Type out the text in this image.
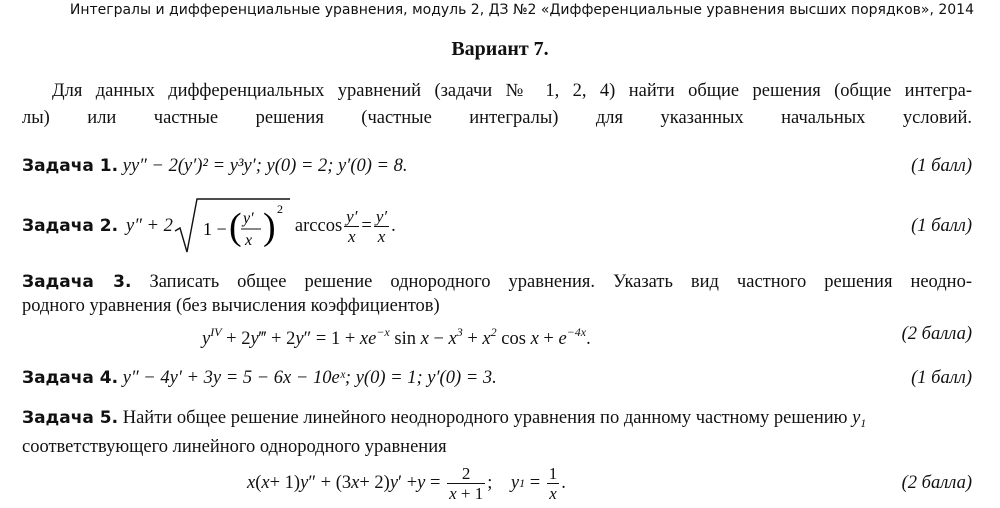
Интегралы и дифференциальные уравнения, модуль 2, ДЗ №2 «Дифференциальные уравнения высших порядков», 2014
Вариант 7.
Для данных дифференциальных уравнений (задачи № 1, 2, 4) найти общие решения (общие интегра-
лы) или частные решения (частные интегралы) для указанных начальных условий.
Задача 1. yy″ − 2(y′)² = y³y′; y(0) = 2; y′(0) = 8.	(1 балл)
Задача 2. y″ + 2 1 − ( y′
x ) 2
$\arccos \frac{y'}{x} = \frac{y'}{x}$ .	(1 балл)
Задача 3. Записать общее решение однородного уравнения. Указать вид частного решения неодно-
родного уравнения (без вычисления коэффициентов)
$y^{IV}$ + 2y‴ + $2y'' = 1 + xe^{-x}$ $\sin x - x^3 + x^2$ $\cos x + e^{-4x}$.	(2 балла)
Задача 4. y″ − 4y′ + 3y = 5 − 6x − 10eˣ; y(0) = 1; y′(0) = 3.	(1 балл)
Задача 5. Найти общее решение линейного неоднородного уравнения по данному частному решению $y_1$
соответствующего линейного однородного уравнения
x ( x + 1) y ″ + (3 x + 2) y ′ + $y = \frac{2}{x + 1}$ ; y $1 = \frac{1}{x}$ .	(2 балла)
